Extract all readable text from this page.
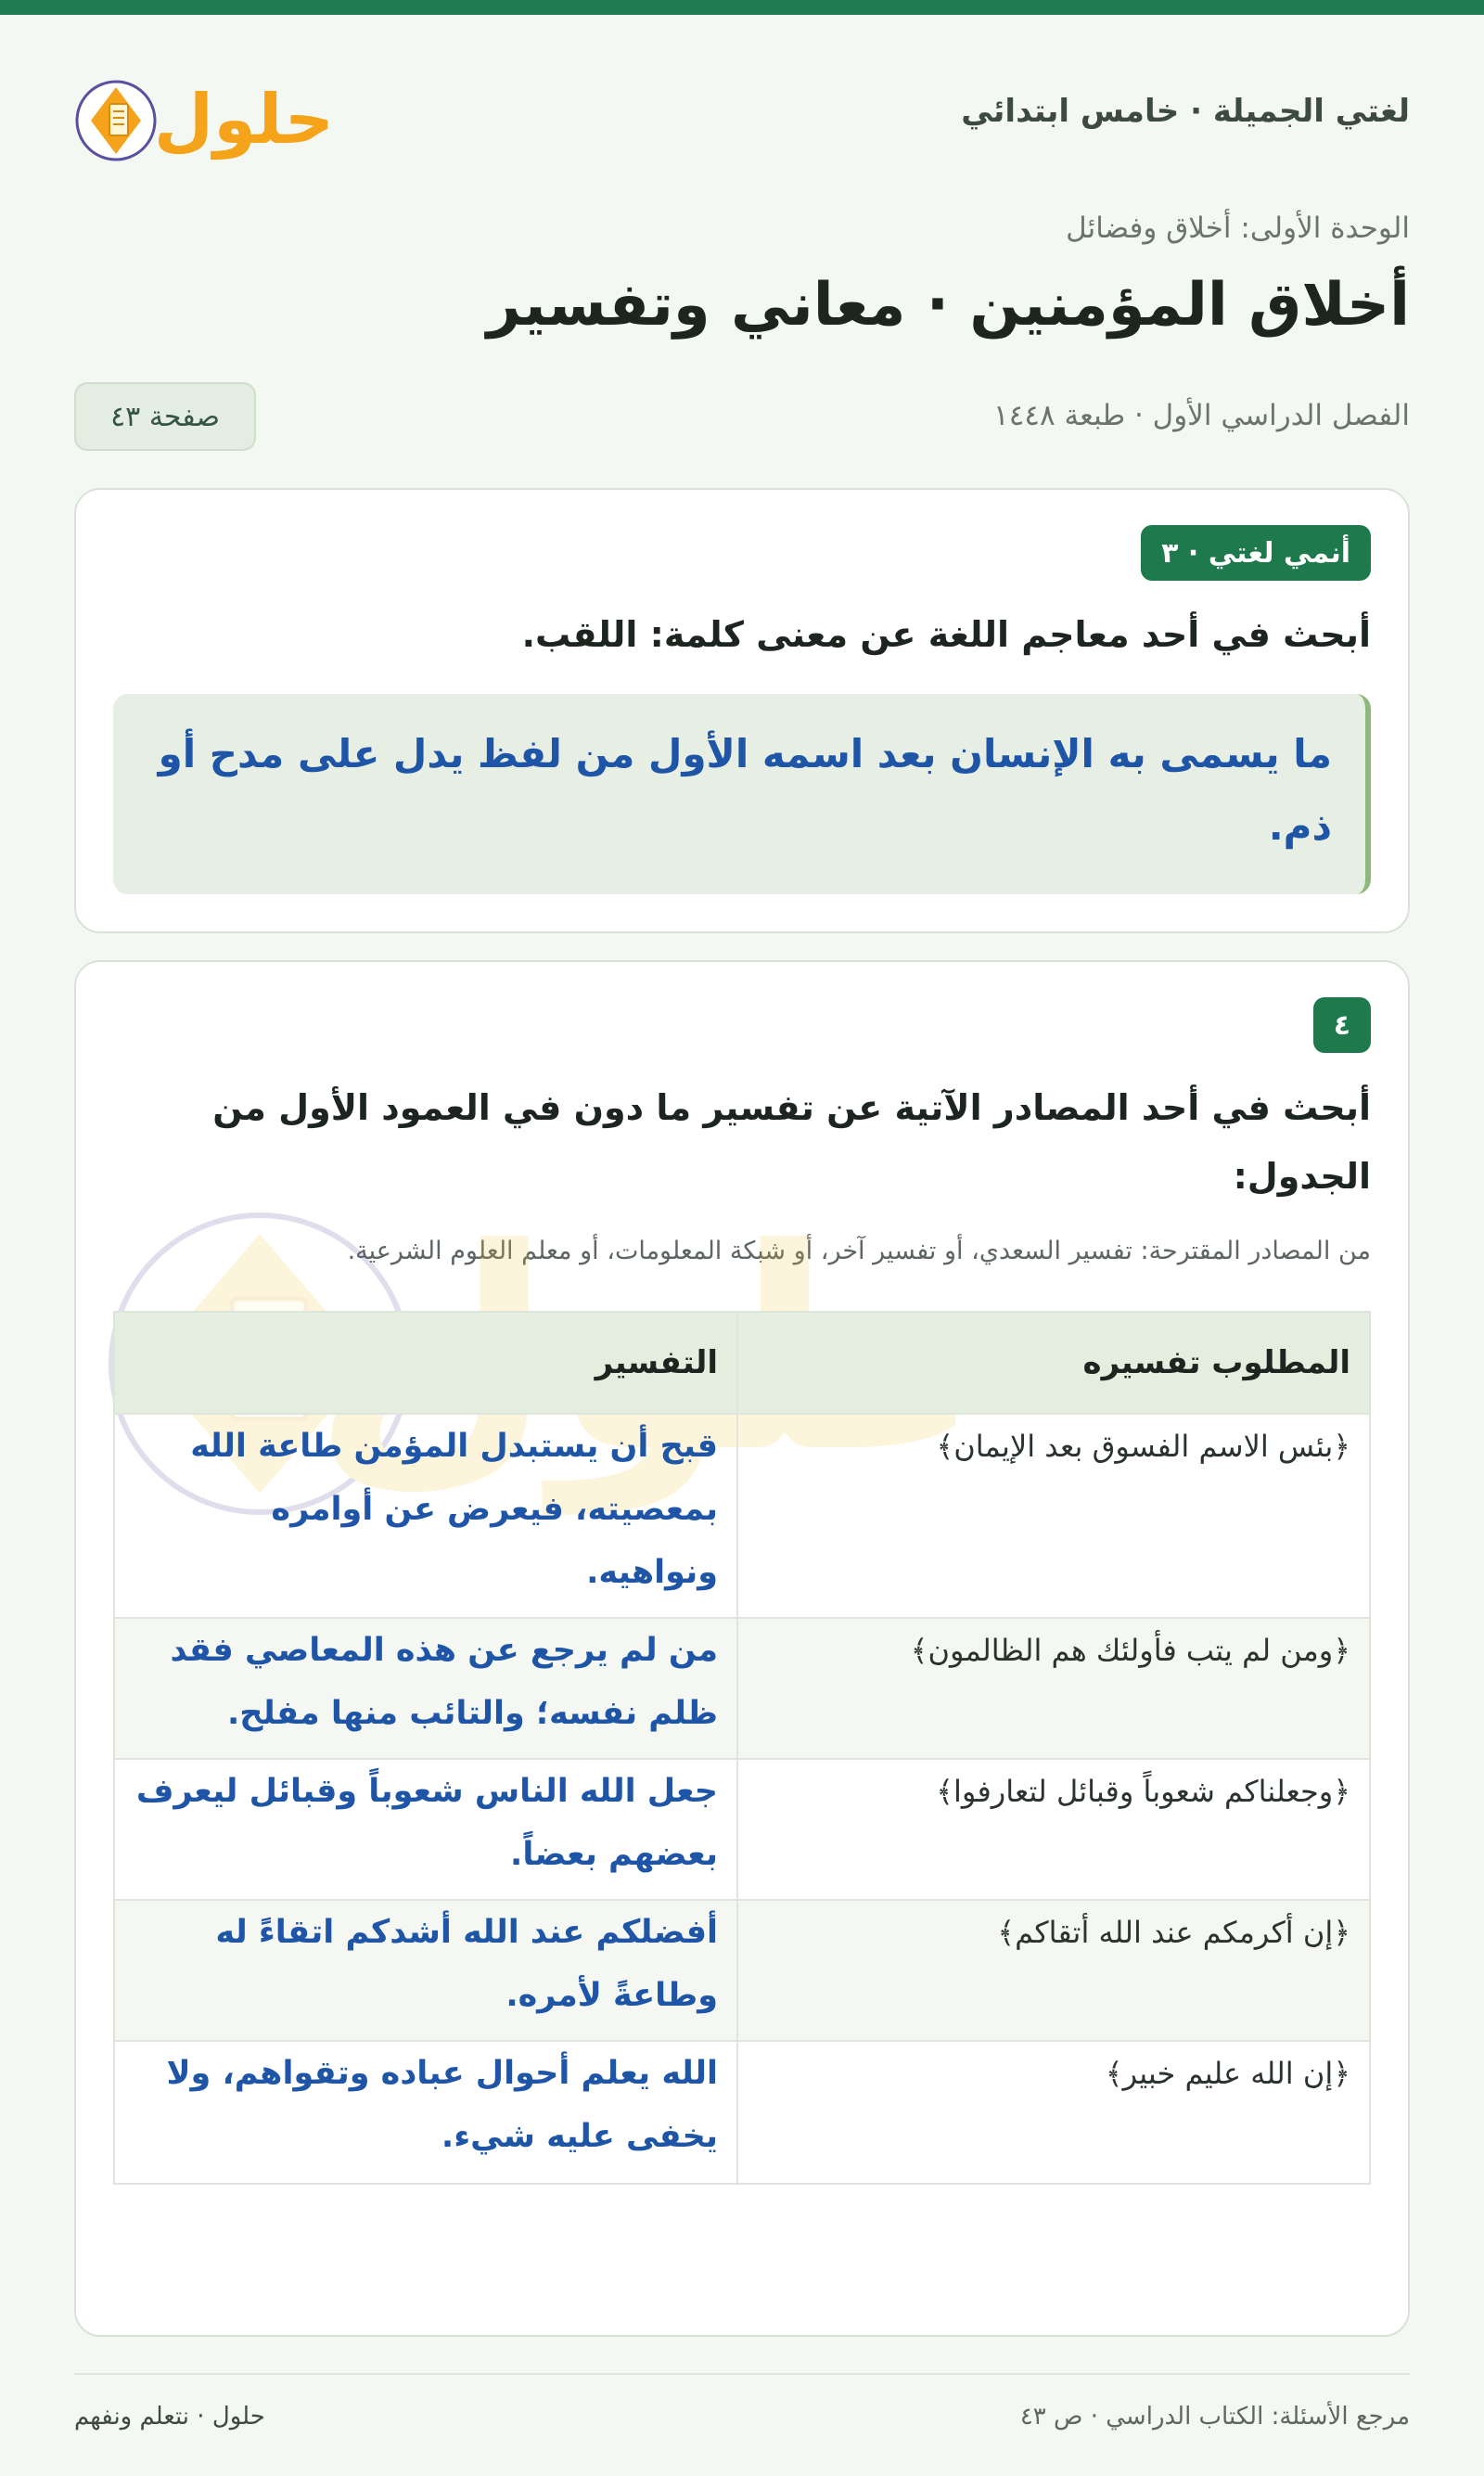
لغتي الجميلة · خامس ابتدائي
حلول
الوحدة الأولى: أخلاق وفضائل
أخلاق المؤمنين · معاني وتفسير
الفصل الدراسي الأول · طبعة ١٤٤٨
صفحة ٤٣
أنمي لغتي · ٣
أبحث في أحد معاجم اللغة عن معنى كلمة: اللقب.
ما يسمى به الإنسان بعد اسمه الأول من لفظ يدل على مدح أو ذم.
٤
أبحث في أحد المصادر الآتية عن تفسير ما دون في العمود الأول من الجدول:
من المصادر المقترحة: تفسير السعدي، أو تفسير آخر، أو شبكة المعلومات، أو معلم العلوم الشرعية.
المطلوب تفسيره	التفسير
﴿بئس الاسم الفسوق بعد الإيمان﴾	قبح أن يستبدل المؤمن طاعة الله بمعصيته، فيعرض عن أوامره ونواهيه.
﴿ومن لم يتب فأولئك هم الظالمون﴾	من لم يرجع عن هذه المعاصي فقد ظلم نفسه؛ والتائب منها مفلح.
﴿وجعلناكم شعوباً وقبائل لتعارفوا﴾	جعل الله الناس شعوباً وقبائل ليعرف بعضهم بعضاً.
﴿إن أكرمكم عند الله أتقاكم﴾	أفضلكم عند الله أشدكم اتقاءً له وطاعةً لأمره.
﴿إن الله عليم خبير﴾	الله يعلم أحوال عباده وتقواهم، ولا يخفى عليه شيء.
مرجع الأسئلة: الكتاب الدراسي · ص ٤٣
حلول · نتعلم ونفهم
